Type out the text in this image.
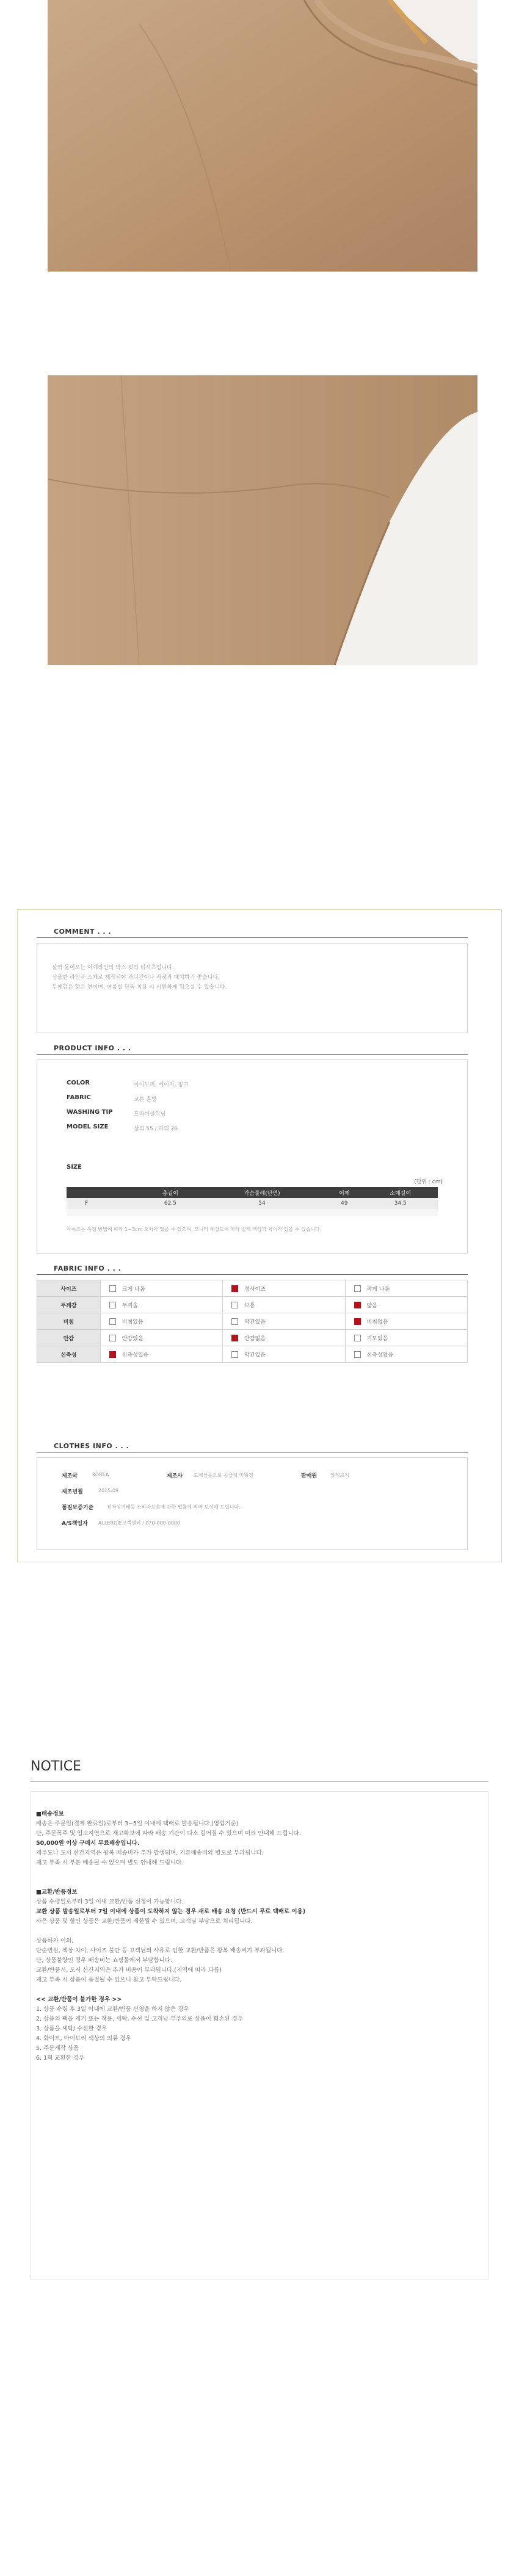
COMMENT . . .
살짝 들어오는 어깨라인의 박스 핏의 티셔츠입니다.
심플한 라인과 소재로 제작되어 가디건이나 자켓과 매치하기 좋습니다.
두께감은 얇은 편이며, 여름철 단독 착용 시 시원하게 입으실 수 있습니다.
PRODUCT INFO . . .
COLOR	아이보리, 베이지, 핑크
FABRIC	코튼 혼방
WASHING TIP	드라이클리닝
MODEL SIZE	상의 55 / 하의 26
SIZE
(단위 : cm)
	총길이	가슴둘레(단면)	어깨	소매길이
F	62.5	54	49	34.5

사이즈는 측정 방법에 따라 1~3cm 오차가 있을 수 있으며, 모니터 해상도에 따라 실제 색상과 차이가 있을 수 있습니다.
FABRIC INFO . . .
사이즈	크게 나옴	정사이즈	작게 나옴
두께감	두꺼움	보통	얇음
비침	비침있음	약간있음	비침없음
안감	안감있음	안감없음	기모있음
신축성	신축성있음	약간있음	신축성없음
CLOTHES INFO . . .
제조국	KOREA	제조사 도매상품으로 공급처 미확정	판매원	알레르지
제조년월	2015.09
품질보증기준	전자상거래등 소비자보호에 관한 법률에 의거 보상해 드립니다.
A/S책임자 ALLERGIE고객센터 / 070-000-0000
NOTICE
■배송정보
배송은 주문일(결제 완료일)로부터 3~5일 이내에 택배로 발송됩니다.(영업기준)
단, 주문폭주 및 입고지연으로 재고확보에 따라 배송 기간이 다소 길어질 수 있으며 미리 안내해 드립니다.
50,000원 이상 구매시 무료배송입니다.
제주도나 도서 산간지역은 왕복 배송비가 추가 발생되며, 기본배송비와 별도로 부과됩니다.
재고 부족 시 부분 배송될 수 있으며 별도 안내해 드립니다.
■교환/반품정보
상품 수령일로부터 3일 이내 교환/반품 신청이 가능합니다.
교환 상품 발송일로부터 7일 이내에 상품이 도착하지 않는 경우 새로 배송 요청 (반드시 무료 택배로 이용)
사은 상품 및 할인 상품은 교환/반품이 제한될 수 있으며, 고객님 부담으로 처리됩니다.
상품하자 이외,
단순변심, 색상 차이, 사이즈 불만 등 고객님의 사유로 인한 교환/반품은 왕복 배송비가 부과됩니다.
단, 상품불량인 경우 배송비는 쇼핑몰에서 부담합니다.
교환/반품시, 도서 산간지역은 추가 비용이 부과됩니다.(지역에 따라 다름)
재고 부족 시 상품이 품절될 수 있으니 참고 부탁드립니다.
<< 교환/반품이 불가한 경우 >>
1. 상품 수령 후 3일 이내에 교환/반품 신청을 하지 않은 경우
2. 상품의 택을 제거 또는 착용, 세탁, 수선 및 고객님 부주의로 상품이 훼손된 경우
3. 상품을 세탁/ 수선한 경우
4. 화이트, 아이보리 색상의 의류 경우
5. 주문제작 상품
6. 1회 교환한 경우
